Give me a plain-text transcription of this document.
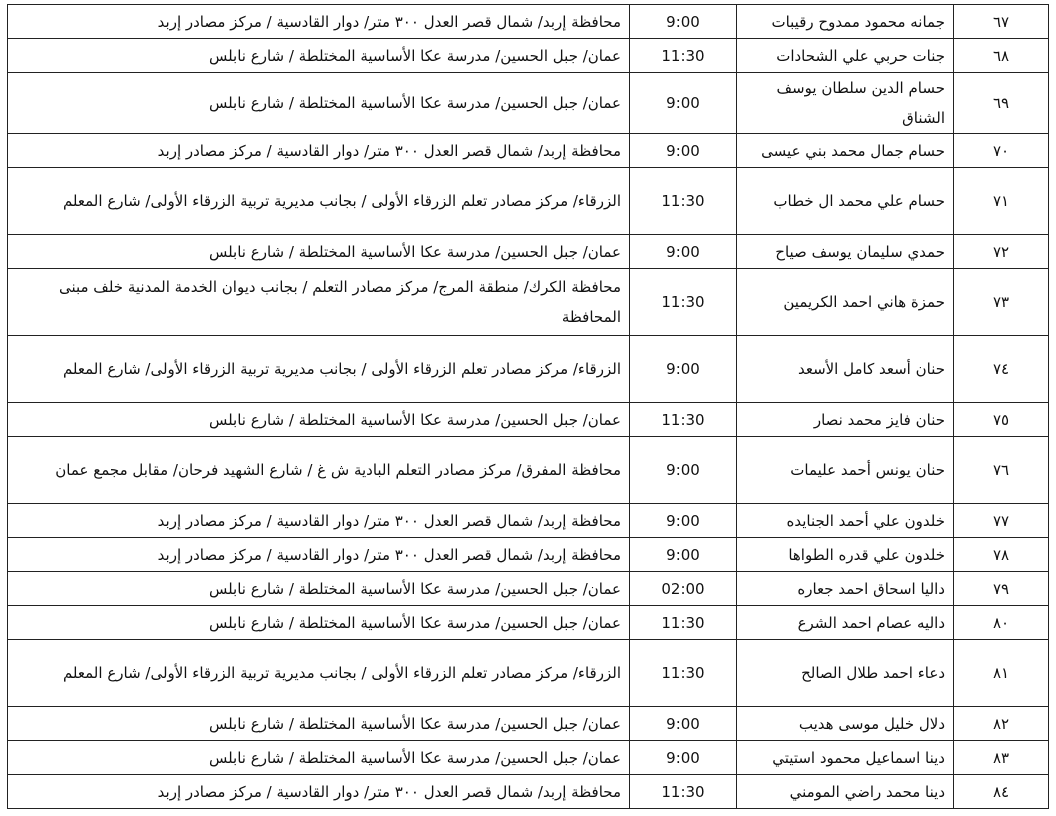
٦٧	جمانه محمود ممدوح رقيبات	9:00	محافظة إربد/ شمال قصر العدل ٣٠٠ متر/ دوار القادسية / مركز مصادر إربد
٦٨	جنات حربي علي الشحادات	11:30	عمان/ جبل الحسين/ مدرسة عكا الأساسية المختلطة / شارع نابلس
٦٩	حسام الدين سلطان يوسف الشناق	9:00	عمان/ جبل الحسين/ مدرسة عكا الأساسية المختلطة / شارع نابلس
٧٠	حسام جمال محمد بني عيسى	9:00	محافظة إربد/ شمال قصر العدل ٣٠٠ متر/ دوار القادسية / مركز مصادر إربد
٧١	حسام علي محمد ال خطاب	11:30	الزرقاء/ مركز مصادر تعلم الزرقاء الأولى / بجانب مديرية تربية الزرقاء الأولى/ شارع المعلم
٧٢	حمدي سليمان يوسف صياح	9:00	عمان/ جبل الحسين/ مدرسة عكا الأساسية المختلطة / شارع نابلس
٧٣	حمزة هاني احمد الكريمين	11:30	محافظة الكرك/ منطقة المرج/ مركز مصادر التعلم / بجانب ديوان الخدمة المدنية خلف مبنى المحافظة
٧٤	حنان أسعد كامل الأسعد	9:00	الزرقاء/ مركز مصادر تعلم الزرقاء الأولى / بجانب مديرية تربية الزرقاء الأولى/ شارع المعلم
٧٥	حنان فايز محمد نصار	11:30	عمان/ جبل الحسين/ مدرسة عكا الأساسية المختلطة / شارع نابلس
٧٦	حنان يونس أحمد عليمات	9:00	محافظة المفرق/ مركز مصادر التعلم البادية ش غ / شارع الشهيد فرحان/ مقابل مجمع عمان
٧٧	خلدون علي أحمد الجنايده	9:00	محافظة إربد/ شمال قصر العدل ٣٠٠ متر/ دوار القادسية / مركز مصادر إربد
٧٨	خلدون علي قدره الطواها	9:00	محافظة إربد/ شمال قصر العدل ٣٠٠ متر/ دوار القادسية / مركز مصادر إربد
٧٩	داليا اسحاق احمد جعاره	02:00	عمان/ جبل الحسين/ مدرسة عكا الأساسية المختلطة / شارع نابلس
٨٠	داليه عصام احمد الشرع	11:30	عمان/ جبل الحسين/ مدرسة عكا الأساسية المختلطة / شارع نابلس
٨١	دعاء احمد طلال الصالح	11:30	الزرقاء/ مركز مصادر تعلم الزرقاء الأولى / بجانب مديرية تربية الزرقاء الأولى/ شارع المعلم
٨٢	دلال خليل موسى هديب	9:00	عمان/ جبل الحسين/ مدرسة عكا الأساسية المختلطة / شارع نابلس
٨٣	دينا اسماعيل محمود استيتي	9:00	عمان/ جبل الحسين/ مدرسة عكا الأساسية المختلطة / شارع نابلس
٨٤	دينا محمد راضي المومني	11:30	محافظة إربد/ شمال قصر العدل ٣٠٠ متر/ دوار القادسية / مركز مصادر إربد
